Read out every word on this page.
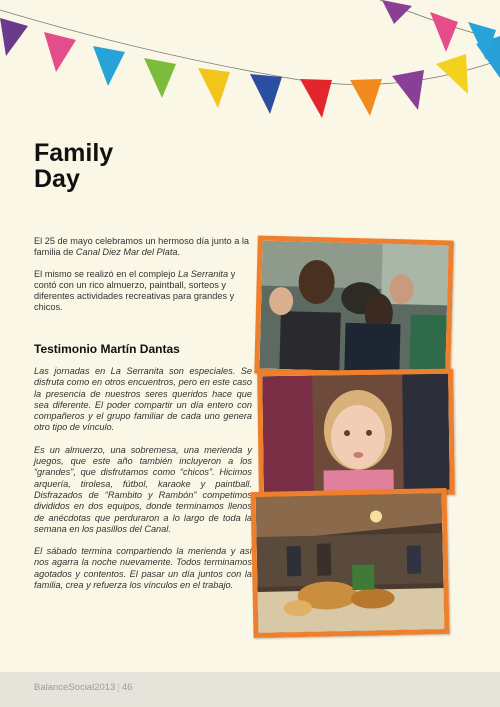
Family
Day

El 25 de mayo celebramos un hermoso día junto a la familia de Canal Diez Mar del Plata.

El mismo se realizó en el complejo La Serranita y contó con un rico almuerzo, paintball, sorteos y diferentes actividades recreativas para grandes y chicos.

Testimonio Martín Dantas

Las jornadas en La Serranita son especiales. Se disfruta como en otros encuentros, pero en este caso la presencia de nuestros seres queridos hace que sea diferente. El poder compartir un día entero con compañeros y el grupo familiar de cada uno genera otro tipo de vínculo.

Es un almuerzo, una sobremesa, una merienda y juegos, que este año también incluyeron a los “grandes”, que disfrutamos como “chicos”. Hicimos arquería, tirolesa, fútbol, karaoke y paintball. Disfrazados de “Rambito y Rambón” competimos divididos en dos equipos, donde terminamos llenos de anécdotas que perduraron a lo largo de toda la semana en los pasillos del Canal.

El sábado termina compartiendo la merienda y así nos agarra la noche nuevamente. Todos terminamos agotados y contentos. El pasar un día juntos con la familia, crea y refuerza los vínculos en el trabajo.

BalanceSocial2013 | 46
